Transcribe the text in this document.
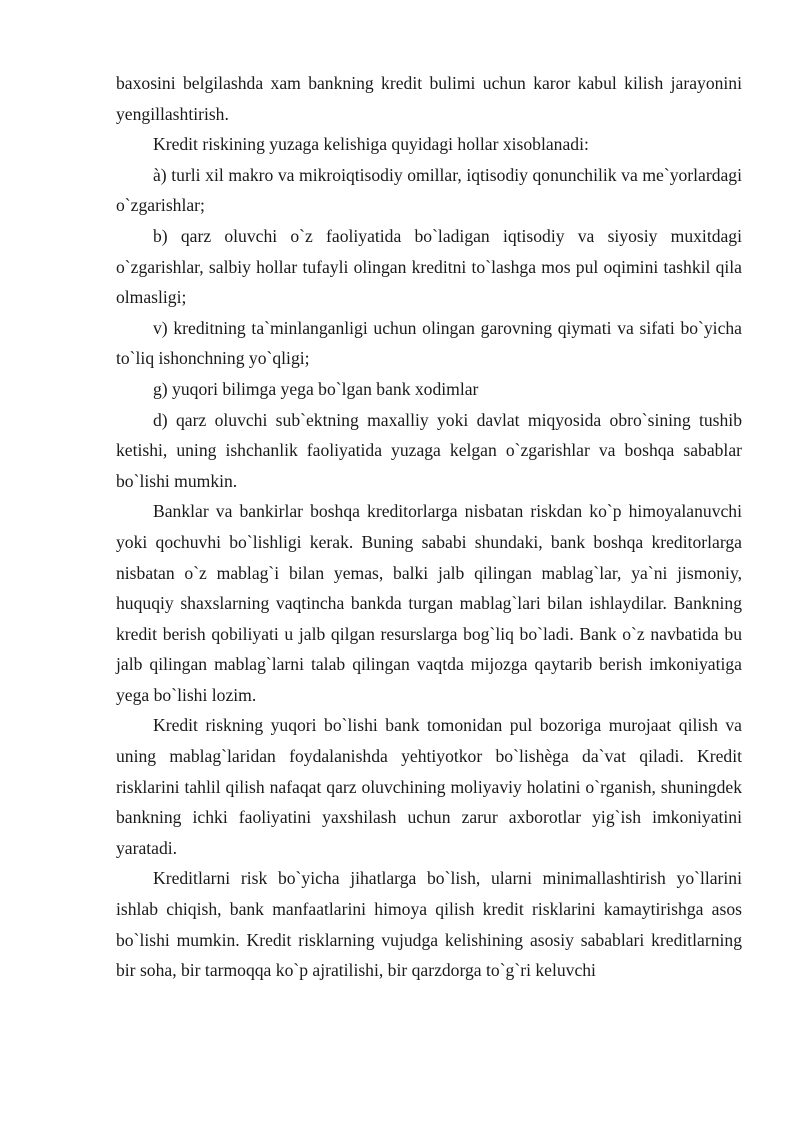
baxosini belgilashda xam bankning kredit bulimi uchun karor kabul kilish jarayonini yengillashtirish.

Kredit riskining yuzaga kelishiga quyidagi hollar xisoblanadi:

à) turli xil makro va mikroiqtisodiy omillar, iqtisodiy qonunchilik va me`yorlardagi o`zgarishlar;

b) qarz oluvchi o`z faoliyatida bo`ladigan iqtisodiy va siyosiy muxitdagi o`zgarishlar, salbiy hollar tufayli olingan kreditni to`lashga mos pul oqimini tashkil qila olmasligi;

v) kreditning ta`minlanganligi uchun olingan garovning qiymati va sifati bo`yicha to`liq ishonchning yo`qligi;

g) yuqori bilimga yega bo`lgan bank xodimlar

d) qarz oluvchi sub`ektning maxalliy yoki davlat miqyosida obro`sining tushib ketishi, uning ishchanlik faoliyatida yuzaga kelgan o`zgarishlar va boshqa sabablar bo`lishi mumkin.

Banklar va bankirlar boshqa kreditorlarga nisbatan riskdan ko`p himoyalanuvchi yoki qochuvhi bo`lishligi kerak. Buning sababi shundaki, bank boshqa kreditorlarga nisbatan o`z mablag`i bilan yemas, balki jalb qilingan mablag`lar, ya`ni jismoniy, huquqiy shaxslarning vaqtincha bankda turgan mablag`lari bilan ishlaydilar. Bankning kredit berish qobiliyati u jalb qilgan resurslarga bog`liq bo`ladi. Bank o`z navbatida bu jalb qilingan mablag`larni talab qilingan vaqtda mijozga qaytarib berish imkoniyatiga yega bo`lishi lozim.

Kredit riskning yuqori bo`lishi bank tomonidan pul bozoriga murojaat qilish va uning mablag`laridan foydalanishda yehtiyotkor bo`lishèga da`vat qiladi. Kredit risklarini tahlil qilish nafaqat qarz oluvchining moliyaviy holatini o`rganish, shuningdek bankning ichki faoliyatini yaxshilash uchun zarur axborotlar yig`ish imkoniyatini yaratadi.

Kreditlarni risk bo`yicha jihatlarga bo`lish, ularni minimallashtirish yo`llarini ishlab chiqish, bank manfaatlarini himoya qilish kredit risklarini kamaytirishga asos bo`lishi mumkin. Kredit risklarning vujudga kelishining asosiy sabablari kreditlarning bir soha, bir tarmoqqa ko`p ajratilishi, bir qarzdorga to`g`ri keluvchi
